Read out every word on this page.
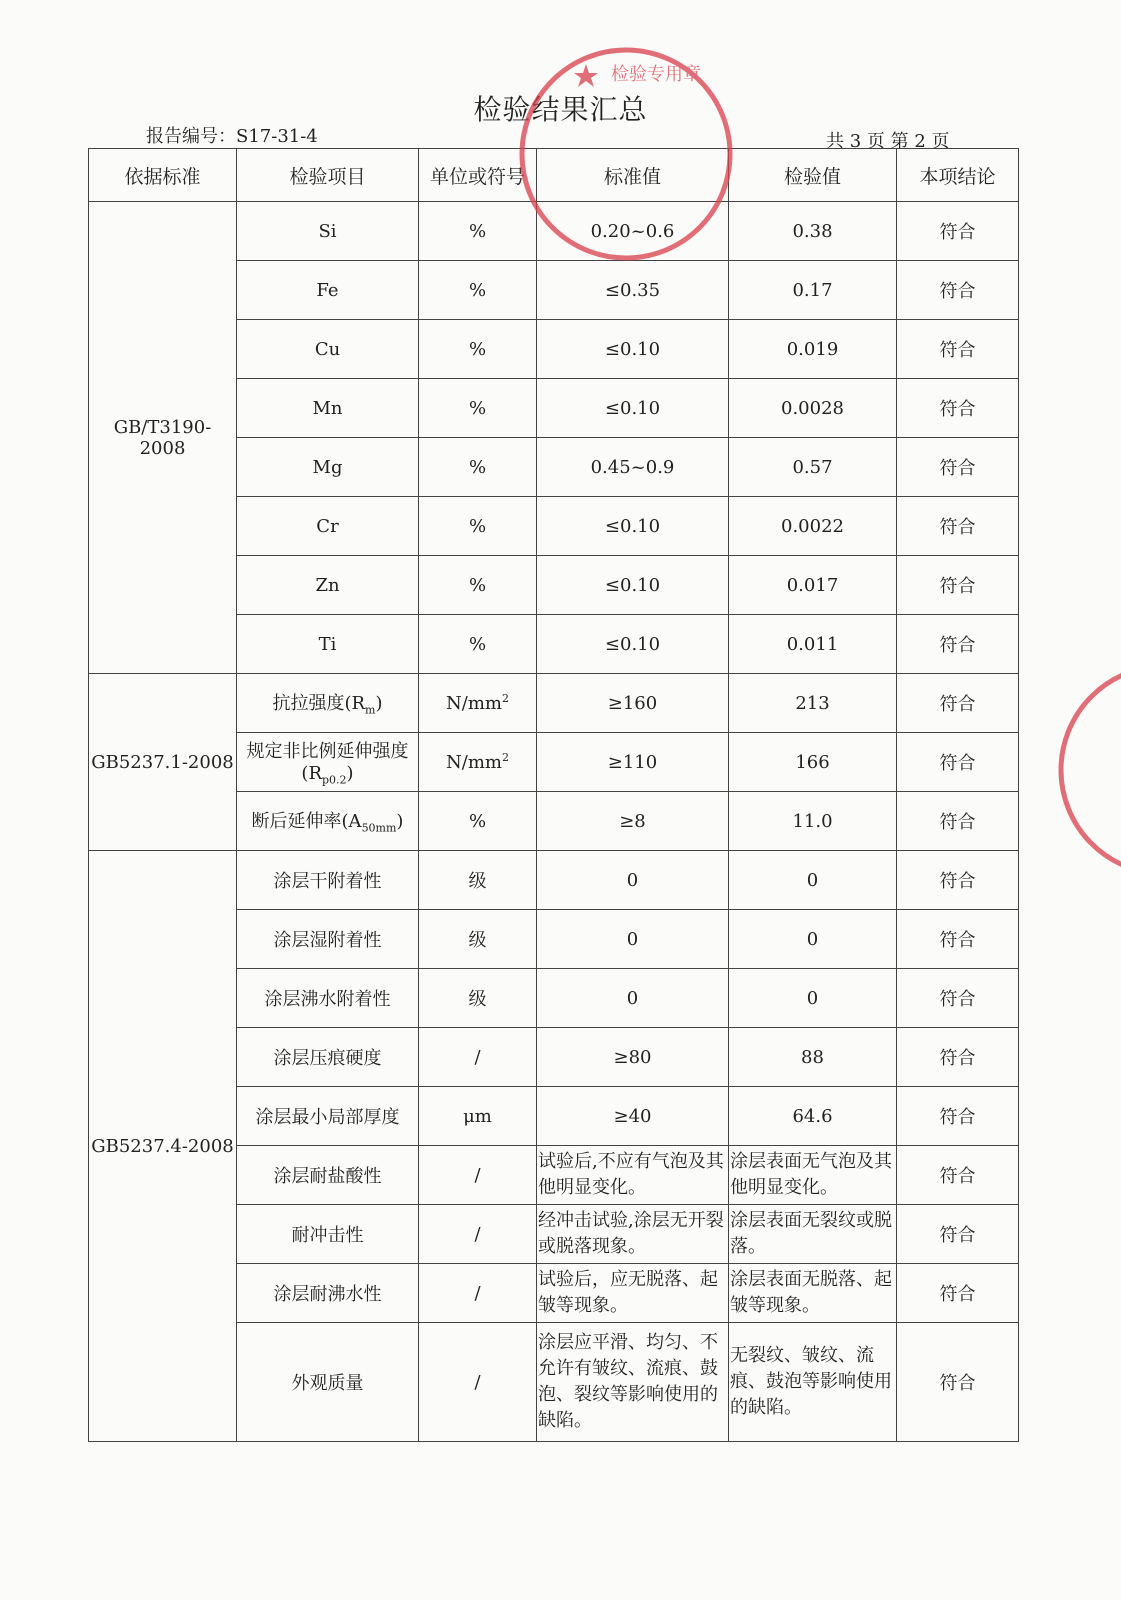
检验结果汇总
报告编号：S17-31-4	共 3 页 第 2 页
依据标准	检验项目	单位或符号	标准值	检验值	本项结论
GB/T3190-2008	Si	%	0.20~0.6	0.38	符合
	Fe	%	≤0.35	0.17	符合
	Cu	%	≤0.10	0.019	符合
	Mn	%	≤0.10	0.0028	符合
	Mg	%	0.45~0.9	0.57	符合
	Cr	%	≤0.10	0.0022	符合
	Zn	%	≤0.10	0.017	符合
	Ti	%	≤0.10	0.011	符合
GB5237.1-2008	抗拉强度$(R_m)$	$N/mm^2$	≥160	213	符合
	规定非比例延伸强度$(R_{p0.2})$	$N/mm^2$	≥110	166	符合
	断后延伸率$(A_{50mm})$	%	≥8	11.0	符合
GB5237.4-2008	涂层干附着性	级	0	0	符合
	涂层湿附着性	级	0	0	符合
	涂层沸水附着性	级	0	0	符合
	涂层压痕硬度	/	≥80	88	符合
	涂层最小局部厚度	μm	≥40	64.6	符合
	涂层耐盐酸性	/	试验后,不应有气泡及其他明显变化。	涂层表面无气泡及其他明显变化。	符合
	耐冲击性	/	经冲击试验,涂层无开裂或脱落现象。	涂层表面无裂纹或脱落。	符合
	涂层耐沸水性	/	试验后，应无脱落、起皱等现象。	涂层表面无脱落、起皱等现象。	符合
	外观质量	/	涂层应平滑、均匀、不允许有皱纹、流痕、鼓泡、裂纹等影响使用的缺陷。	无裂纹、皱纹、流痕、鼓泡等影响使用的缺陷。	符合
检验专用章
